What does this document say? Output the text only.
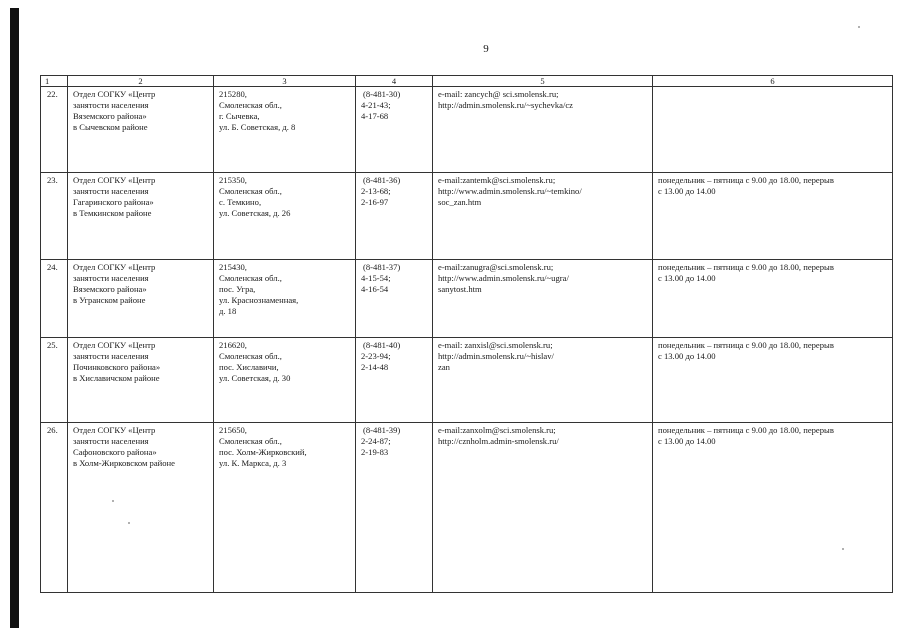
9
1	2	3	4	5	6

22.	Отдел СОГКУ «Центр
занятости населения
Вяземского района»
в Сычевском районе	215280,
Смоленская обл.,
г. Сычевка,
ул. Б. Советская, д. 8	(8-481-30)
4-21-43;
4-17-68	e-mail: zancych@ sci.smolensk.ru;
http://admin.smolensk.ru/~sychevka/cz	

23.	Отдел СОГКУ «Центр
занятости населения
Гагаринского района»
в Темкинском районе	215350,
Смоленская обл.,
с. Темкино,
ул. Советская, д. 26	(8-481-36)
2-13-68;
2-16-97	e-mail:zantemk@sci.smolensk.ru;
http://www.admin.smolensk.ru/~temkino/
soc_zan.htm	понедельник – пятница с 9.00 до 18.00, перерыв
с 13.00 до 14.00

24.	Отдел СОГКУ «Центр
занятости населения
Вяземского района»
в Угранском районе	215430,
Смоленская обл.,
пос. Угра,
ул. Краснознаменная,
д. 18	(8-481-37)
4-15-54;
4-16-54	e-mail:zanugra@sci.smolensk.ru;
http://www.admin.smolensk.ru/~ugra/
sanytost.htm	понедельник – пятница с 9.00 до 18.00, перерыв
с 13.00 до 14.00

25.	Отдел СОГКУ «Центр
занятости населения
Починковского района»
в Хиславичском районе	216620,
Смоленская обл.,
пос. Хиславичи,
ул. Советская, д. 30	(8-481-40)
2-23-94;
2-14-48	e-mail: zanxisl@sci.smolensk.ru;
http://admin.smolensk.ru/~hislav/
zan	понедельник – пятница с 9.00 до 18.00, перерыв
с 13.00 до 14.00

26.	Отдел СОГКУ «Центр
занятости населения
Сафоновского района»
в Холм-Жирковском районе	215650,
Смоленская обл.,
пос. Холм-Жирковский,
ул. К. Маркса, д. 3	(8-481-39)
2-24-87;
2-19-83	e-mail:zanxolm@sci.smolensk.ru;
http://cznholm.admin-smolensk.ru/	понедельник – пятница с 9.00 до 18.00, перерыв
с 13.00 до 14.00
